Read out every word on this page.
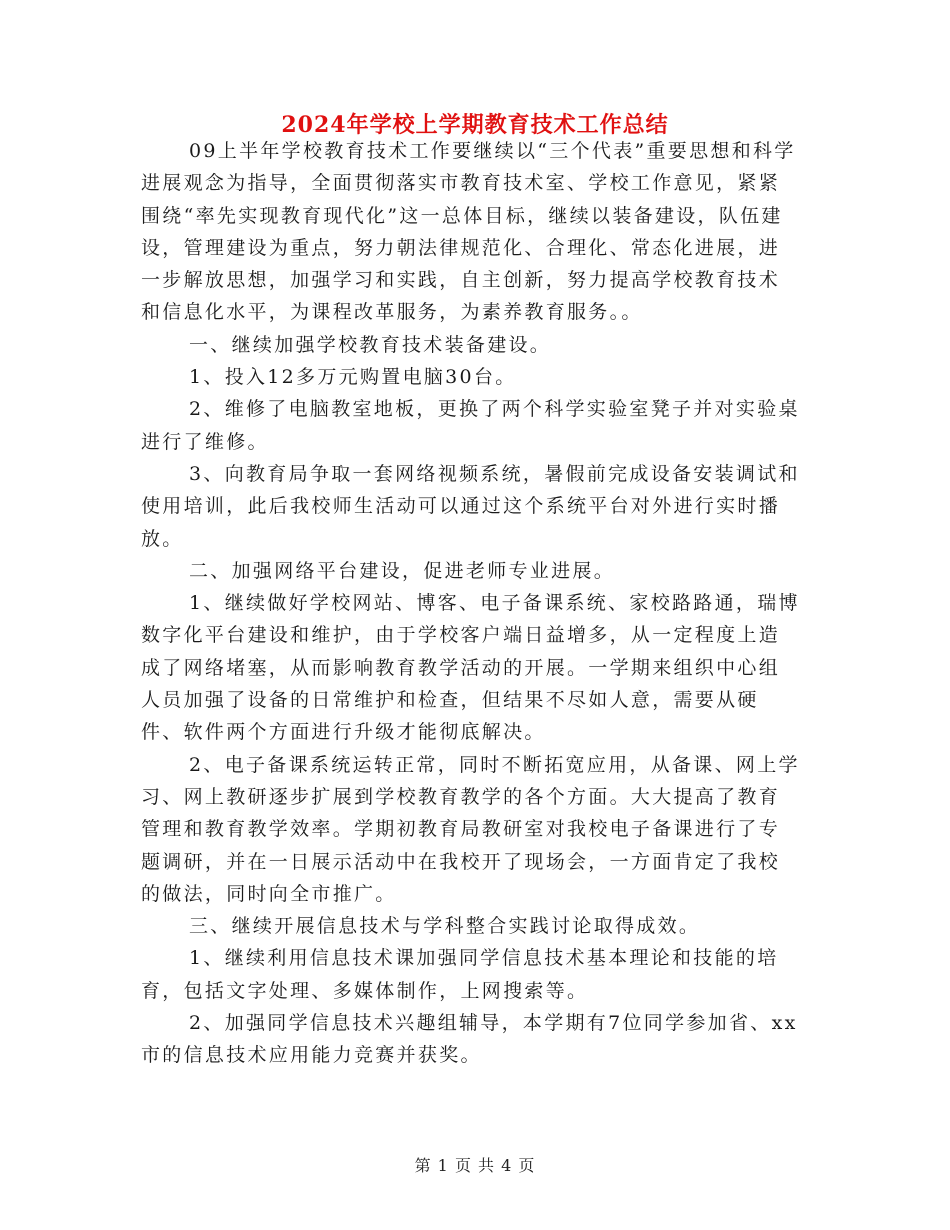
2024年学校上学期教育技术工作总结

09上半年学校教育技术工作要继续以“三个代表”重要思想和科学进展观念为指导，全面贯彻落实市教育技术室、学校工作意见，紧紧围绕“率先实现教育现代化”这一总体目标，继续以装备建设，队伍建设，管理建设为重点，努力朝法律规范化、合理化、常态化进展，进一步解放思想，加强学习和实践，自主创新，努力提高学校教育技术和信息化水平，为课程改革服务，为素养教育服务。。

一、继续加强学校教育技术装备建设。

1、投入12多万元购置电脑30台。

2、维修了电脑教室地板，更换了两个科学实验室凳子并对实验桌进行了维修。

3、向教育局争取一套网络视频系统，暑假前完成设备安装调试和使用培训，此后我校师生活动可以通过这个系统平台对外进行实时播放。

二、加强网络平台建设，促进老师专业进展。

1、继续做好学校网站、博客、电子备课系统、家校路路通，瑞博数字化平台建设和维护，由于学校客户端日益增多，从一定程度上造成了网络堵塞，从而影响教育教学活动的开展。一学期来组织中心组人员加强了设备的日常维护和检查，但结果不尽如人意，需要从硬件、软件两个方面进行升级才能彻底解决。

2、电子备课系统运转正常，同时不断拓宽应用，从备课、网上学习、网上教研逐步扩展到学校教育教学的各个方面。大大提高了教育管理和教育教学效率。学期初教育局教研室对我校电子备课进行了专题调研，并在一日展示活动中在我校开了现场会，一方面肯定了我校的做法，同时向全市推广。

三、继续开展信息技术与学科整合实践讨论取得成效。

1、继续利用信息技术课加强同学信息技术基本理论和技能的培育，包括文字处理、多媒体制作，上网搜索等。

2、加强同学信息技术兴趣组辅导，本学期有7位同学参加省、xx市的信息技术应用能力竞赛并获奖。

第 1 页 共 4 页
